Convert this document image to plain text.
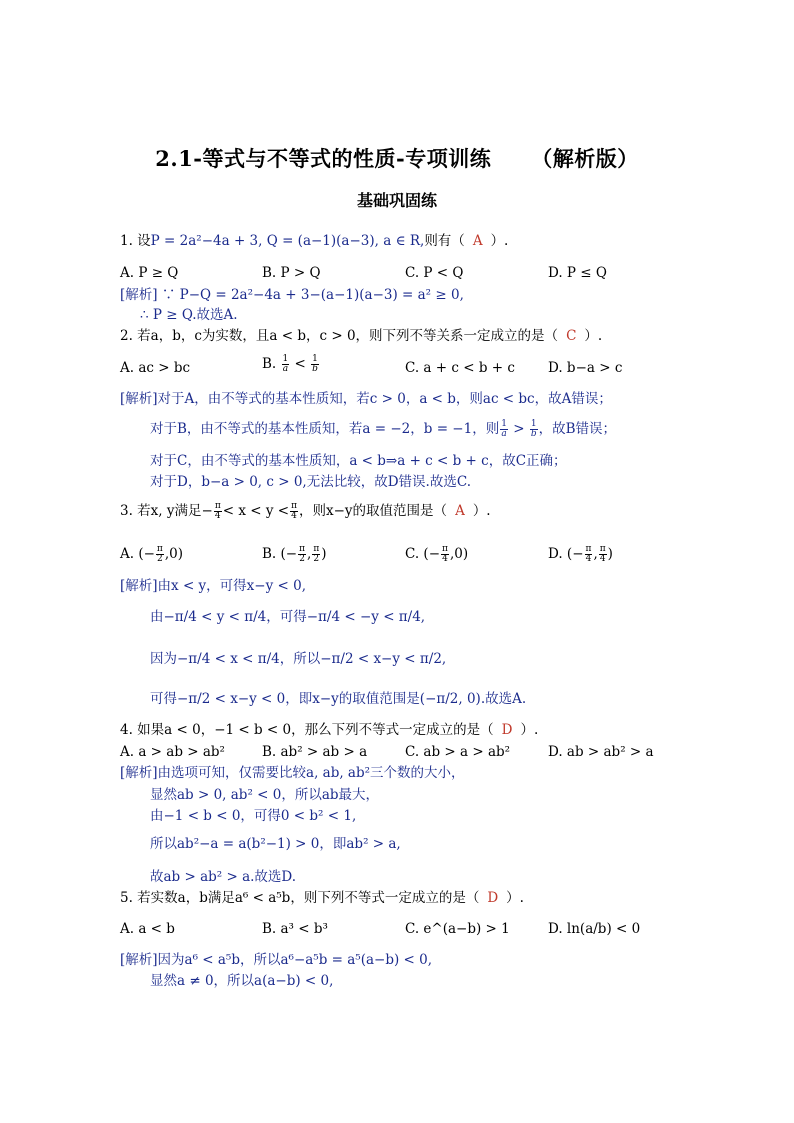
2.1-等式与不等式的性质-专项训练 （解析版）
基础巩固练
1. 设P = 2a²−4a + 3, Q = (a−1)(a−3), a ∈ R,则有（ A ）.
A. P ≥ Q	B. P > Q	C. P < Q	D. P ≤ Q
[解析] ∵ P−Q = 2a²−4a + 3−(a−1)(a−3) = a² ≥ 0,
∴ P ≥ Q.故选A.
2. 若a，b，c为实数，且a < b，c > 0，则下列不等关系一定成立的是（ C ）.
A. ac > bc	B. $\frac{1}{a} < \frac{1}{b}$	C. a + c < b + c D. b−a > c
[解析]对于A，由不等式的基本性质知，若c > 0，a < b，则ac < bc，故A错误；
对于B，由不等式的基本性质知，若a = −2，b = −1，则 $\frac{1}{a} > \frac{1}{b}$ ，故B错误；
对于C，由不等式的基本性质知，a < b⇒a + c < b + c，故C正确；
对于D，b−a > 0, c > 0,无法比较，故D错误.故选C.
3. 若x, y满足− $\frac{\pi}{4} < x < y < \frac{\pi}{4}$ ，则x−y的取值范围是（ A ）.
A. (− $\frac{\pi}{2} ,0$)	B. (− $\frac{\pi}{2}$ , $\frac{\pi}{2}$ )	C. (− $\frac{\pi}{4} ,0$)	D. (− $\frac{\pi}{4}$ , $\frac{\pi}{4}$ )
[解析]由x < y，可得x−y < 0,
由−π/4 < y < π/4，可得−π/4 < −y < π/4,
因为−π/4 < x < π/4，所以−π/2 < x−y < π/2,
可得−π/2 < x−y < 0，即x−y的取值范围是(−π/2, 0).故选A.
4. 如果a < 0，−1 < b < 0，那么下列不等式一定成立的是（ D ）.
A. a > ab > ab²	B. ab² > ab > a	C. ab > a > ab²	D. ab > ab² > a
[解析]由选项可知，仅需要比较a, ab, ab²三个数的大小，
显然ab > 0, ab² < 0，所以ab最大，
由−1 < b < 0，可得0 < b² < 1,
所以ab²−a = a(b²−1) > 0，即ab² > a,
故ab > ab² > a.故选D.
5. 若实数a，b满足a⁶ < a⁵b，则下列不等式一定成立的是（ D ）.
A. a < b	B. a³ < b³	C. e^(a−b) > 1	D. ln(a/b) < 0
[解析]因为a⁶ < a⁵b，所以a⁶−a⁵b = a⁵(a−b) < 0,
显然a ≠ 0，所以a(a−b) < 0,
